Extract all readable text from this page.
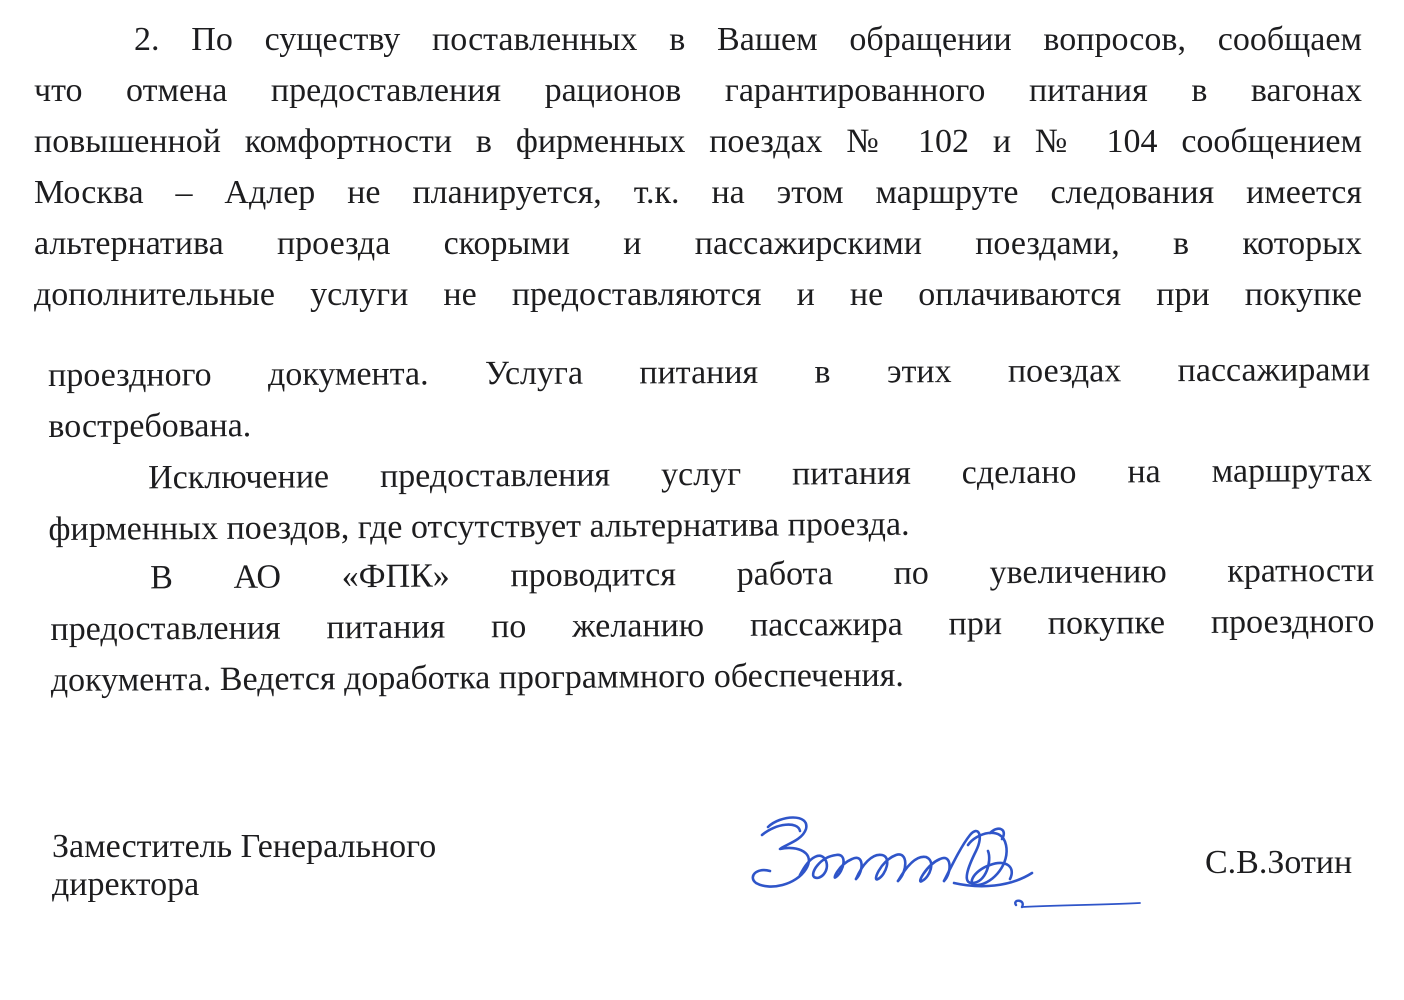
2. По существу поставленных в Вашем обращении вопросов, сообщаем
что отмена предоставления рационов гарантированного питания в вагонах
повышенной комфортности в фирменных поездах № 102 и № 104 сообщением
Москва – Адлер не планируется, т.к. на этом маршруте следования имеется
альтернатива проезда скорыми и пассажирскими поездами, в которых
дополнительные услуги не предоставляются и не оплачиваются при покупке
проездного документа. Услуга питания в этих поездах пассажирами
востребована.
Исключение предоставления услуг питания сделано на маршрутах
фирменных поездов, где отсутствует альтернатива проезда.
В АО «ФПК» проводится работа по увеличению кратности
предоставления питания по желанию пассажира при покупке проездного
документа. Ведется доработка программного обеспечения.
Заместитель Генерального
директора
С.В.Зотин
